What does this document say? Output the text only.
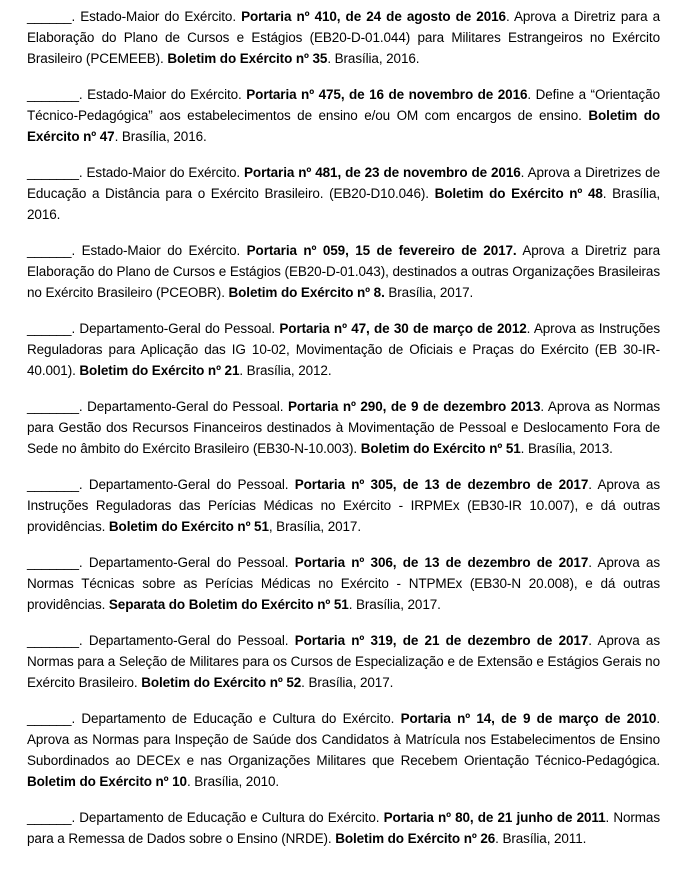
______. Estado-Maior do Exército. Portaria nº 410, de 24 de agosto de 2016. Aprova a Diretriz para a Elaboração do Plano de Cursos e Estágios (EB20-D-01.044) para Militares Estrangeiros no Exército Brasileiro (PCEMEEB). Boletim do Exército nº 35. Brasília, 2016.

_______. Estado-Maior do Exército. Portaria nº 475, de 16 de novembro de 2016. Define a “Orientação Técnico-Pedagógica” aos estabelecimentos de ensino e/ou OM com encargos de ensino. Boletim do Exército nº 47. Brasília, 2016.

_______. Estado-Maior do Exército. Portaria nº 481, de 23 de novembro de 2016. Aprova a Diretrizes de Educação a Distância para o Exército Brasileiro. (EB20-D10.046). Boletim do Exército nº 48. Brasília, 2016.

______. Estado-Maior do Exército. Portaria nº 059, 15 de fevereiro de 2017. Aprova a Diretriz para Elaboração do Plano de Cursos e Estágios (EB20-D-01.043), destinados a outras Organizações Brasileiras no Exército Brasileiro (PCEOBR). Boletim do Exército nº 8. Brasília, 2017.

______. Departamento-Geral do Pessoal. Portaria nº 47, de 30 de março de 2012. Aprova as Instruções Reguladoras para Aplicação das IG 10-02, Movimentação de Oficiais e Praças do Exército (EB 30-IR-40.001). Boletim do Exército nº 21. Brasília, 2012.

_______. Departamento-Geral do Pessoal. Portaria nº 290, de 9 de dezembro 2013. Aprova as Normas para Gestão dos Recursos Financeiros destinados à Movimentação de Pessoal e Deslocamento Fora de Sede no âmbito do Exército Brasileiro (EB30-N-10.003). Boletim do Exército nº 51. Brasília, 2013.

_______. Departamento-Geral do Pessoal. Portaria nº 305, de 13 de dezembro de 2017. Aprova as Instruções Reguladoras das Perícias Médicas no Exército - IRPMEx (EB30-IR 10.007), e dá outras providências. Boletim do Exército nº 51, Brasília, 2017.

_______. Departamento-Geral do Pessoal. Portaria nº 306, de 13 de dezembro de 2017. Aprova as Normas Técnicas sobre as Perícias Médicas no Exército - NTPMEx (EB30-N 20.008), e dá outras providências. Separata do Boletim do Exército nº 51. Brasília, 2017.

_______. Departamento-Geral do Pessoal. Portaria nº 319, de 21 de dezembro de 2017. Aprova as Normas para a Seleção de Militares para os Cursos de Especialização e de Extensão e Estágios Gerais no Exército Brasileiro. Boletim do Exército nº 52. Brasília, 2017.

______. Departamento de Educação e Cultura do Exército. Portaria nº 14, de 9 de março de 2010. Aprova as Normas para Inspeção de Saúde dos Candidatos à Matrícula nos Estabelecimentos de Ensino Subordinados ao DECEx e nas Organizações Militares que Recebem Orientação Técnico-Pedagógica. Boletim do Exército nº 10. Brasília, 2010.

______. Departamento de Educação e Cultura do Exército. Portaria nº 80, de 21 junho de 2011. Normas para a Remessa de Dados sobre o Ensino (NRDE). Boletim do Exército nº 26. Brasília, 2011.
